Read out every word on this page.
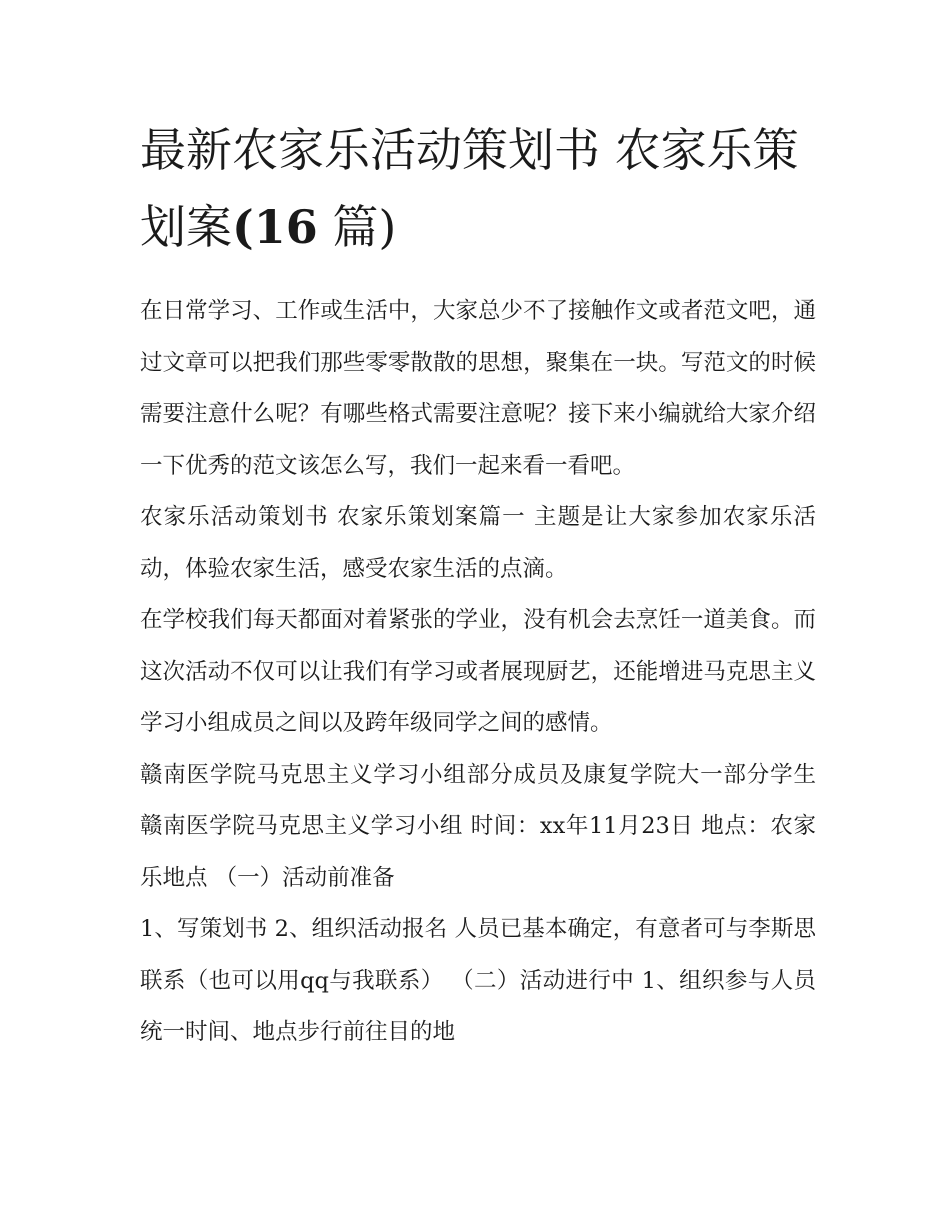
最新农家乐活动策划书 农家乐策划案(16 篇)

在日常学习、工作或生活中，大家总少不了接触作文或者范文吧，通过文章可以把我们那些零零散散的思想，聚集在一块。写范文的时候需要注意什么呢？有哪些格式需要注意呢？接下来小编就给大家介绍一下优秀的范文该怎么写，我们一起来看一看吧。

农家乐活动策划书 农家乐策划案篇一 主题是让大家参加农家乐活动，体验农家生活，感受农家生活的点滴。

在学校我们每天都面对着紧张的学业，没有机会去烹饪一道美食。而这次活动不仅可以让我们有学习或者展现厨艺，还能增进马克思主义学习小组成员之间以及跨年级同学之间的感情。

赣南医学院马克思主义学习小组部分成员及康复学院大一部分学生 赣南医学院马克思主义学习小组 时间：xx年11月23日 地点：农家乐地点 （一）活动前准备

1、写策划书 2、组织活动报名 人员已基本确定，有意者可与李斯思联系（也可以用qq与我联系） （二）活动进行中 1、组织参与人员统一时间、地点步行前往目的地
